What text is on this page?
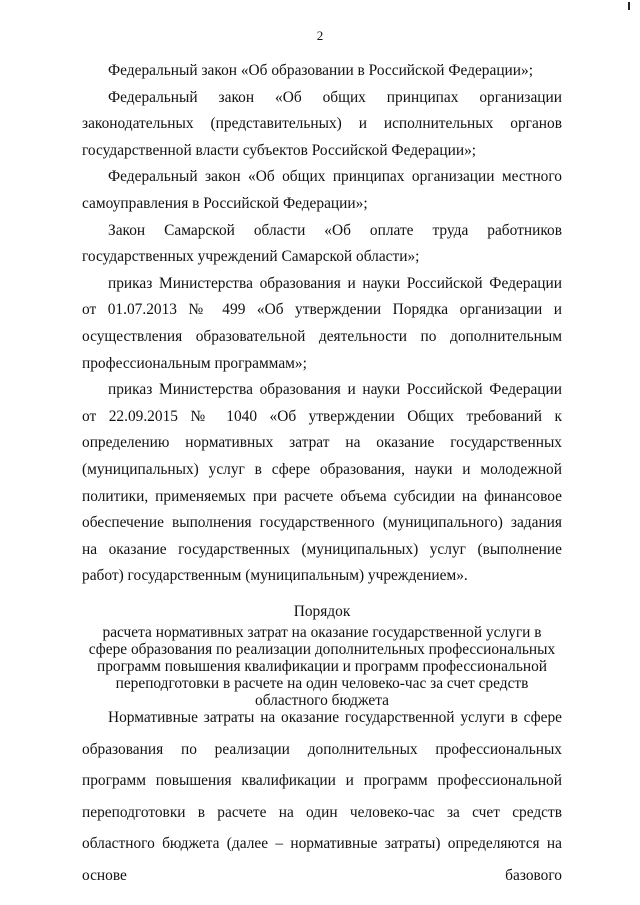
2

Федеральный закон «Об образовании в Российской Федерации»;

Федеральный закон «Об общих принципах организации законодательных (представительных) и исполнительных органов государственной власти субъектов Российской Федерации»;

Федеральный закон «Об общих принципах организации местного самоуправления в Российской Федерации»;

Закон Самарской области «Об оплате труда работников государственных учреждений Самарской области»;

приказ Министерства образования и науки Российской Федерации от 01.07.2013 № 499 «Об утверждении Порядка организации и осуществления образовательной деятельности по дополнительным профессиональным программам»;

приказ Министерства образования и науки Российской Федерации от 22.09.2015 № 1040 «Об утверждении Общих требований к определению нормативных затрат на оказание государственных (муниципальных) услуг в сфере образования, науки и молодежной политики, применяемых при расчете объема субсидии на финансовое обеспечение выполнения государственного (муниципального) задания на оказание государственных (муниципальных) услуг (выполнение работ) государственным (муниципальным) учреждением».

Порядок
расчета нормативных затрат на оказание государственной услуги в сфере образования по реализации дополнительных профессиональных программ повышения квалификации и программ профессиональной переподготовки в расчете на один человеко-час за счет средств областного бюджета

Нормативные затраты на оказание государственной услуги в сфере образования по реализации дополнительных профессиональных программ повышения квалификации и программ профессиональной переподготовки в расчете на один человеко-час за счет средств областного бюджета (далее – нормативные затраты) определяются на основе базового
